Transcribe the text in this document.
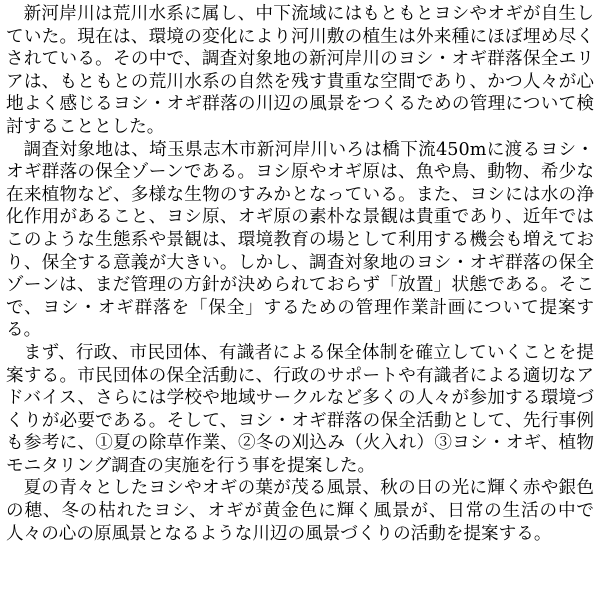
新河岸川は荒川水系に属し、中下流域にはもともとヨシやオギが自生していた。現在は、環境の変化により河川敷の植生は外来種にほぼ埋め尽くされている。その中で、調査対象地の新河岸川のヨシ・オギ群落保全エリアは、もともとの荒川水系の自然を残す貴重な空間であり、かつ人々が心地よく感じるヨシ・オギ群落の川辺の風景をつくるための管理について検討することとした。

調査対象地は、埼玉県志木市新河岸川いろは橋下流450mに渡るヨシ・オギ群落の保全ゾーンである。ヨシ原やオギ原は、魚や鳥、動物、希少な在来植物など、多様な生物のすみかとなっている。また、ヨシには水の浄化作用があること、ヨシ原、オギ原の素朴な景観は貴重であり、近年ではこのような生態系や景観は、環境教育の場として利用する機会も増えており、保全する意義が大きい。しかし、調査対象地のヨシ・オギ群落の保全ゾーンは、まだ管理の方針が決められておらず「放置」状態である。そこで、ヨシ・オギ群落を「保全」するための管理作業計画について提案する。

まず、行政、市民団体、有識者による保全体制を確立していくことを提案する。市民団体の保全活動に、行政のサポートや有識者による適切なアドバイス、さらには学校や地域サークルなど多くの人々が参加する環境づくりが必要である。そして、ヨシ・オギ群落の保全活動として、先行事例も参考に、①夏の除草作業、②冬の刈込み（火入れ）③ヨシ・オギ、植物モニタリング調査の実施を行う事を提案した。

夏の青々としたヨシやオギの葉が茂る風景、秋の日の光に輝く赤や銀色の穂、冬の枯れたヨシ、オギが黄金色に輝く風景が、日常の生活の中で人々の心の原風景となるような川辺の風景づくりの活動を提案する。
